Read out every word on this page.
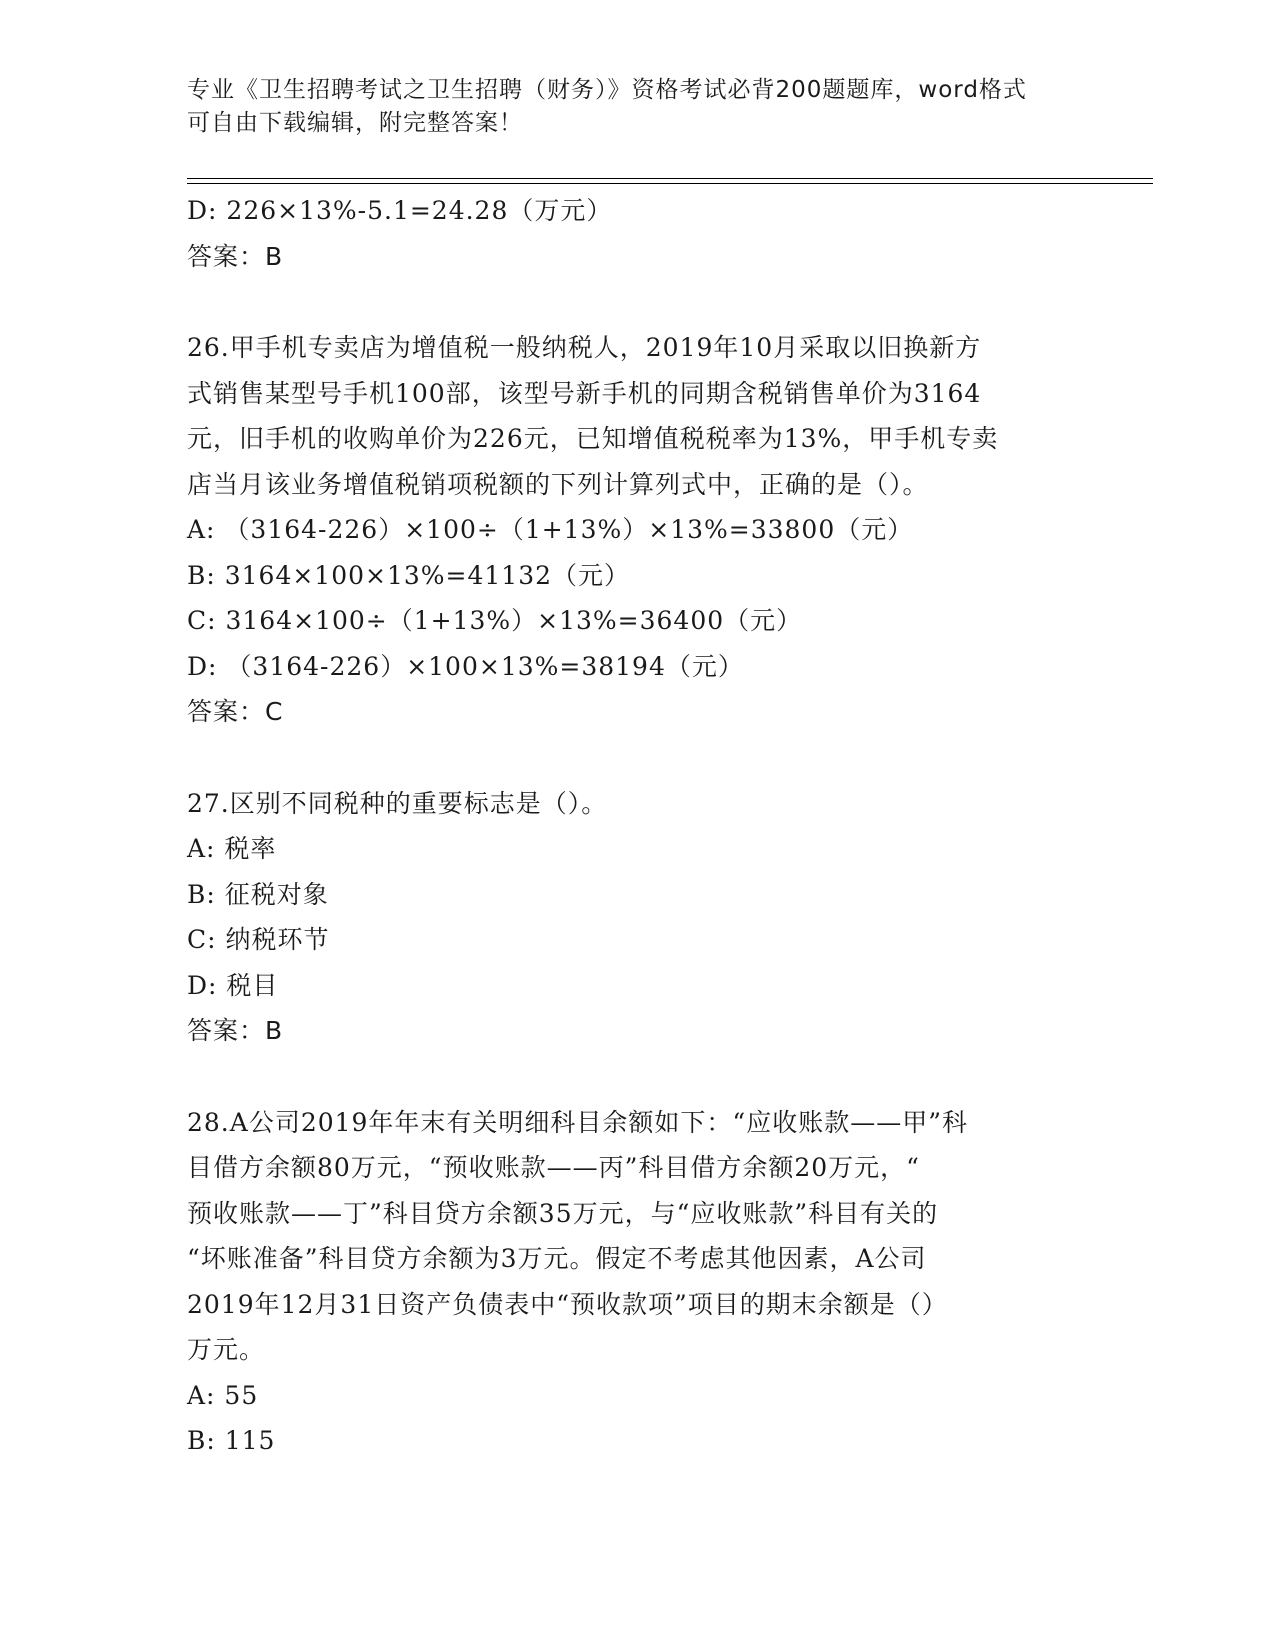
专业《卫生招聘考试之卫生招聘（财务）》资格考试必背200题题库，word格式
可自由下载编辑，附完整答案！
D: 226×13%-5.1=24.28（万元）
答案：B
26.甲手机专卖店为增值税一般纳税人，2019年10月采取以旧换新方
式销售某型号手机100部，该型号新手机的同期含税销售单价为3164
元，旧手机的收购单价为226元，已知增值税税率为13%，甲手机专卖
店当月该业务增值税销项税额的下列计算列式中，正确的是（）。
A: （3164-226）×100÷（1+13%）×13%=33800（元）
B: 3164×100×13%=41132（元）
C: 3164×100÷（1+13%）×13%=36400（元）
D: （3164-226）×100×13%=38194（元）
答案：C
27.区别不同税种的重要标志是（）。
A: 税率
B: 征税对象
C: 纳税环节
D: 税目
答案：B
28.A公司2019年年末有关明细科目余额如下：“应收账款——甲”科
目借方余额80万元，“预收账款——丙”科目借方余额20万元，“
预收账款——丁”科目贷方余额35万元，与“应收账款”科目有关的
“坏账准备”科目贷方余额为3万元。假定不考虑其他因素，A公司
2019年12月31日资产负债表中“预收款项”项目的期末余额是（）
万元。
A: 55
B: 115
